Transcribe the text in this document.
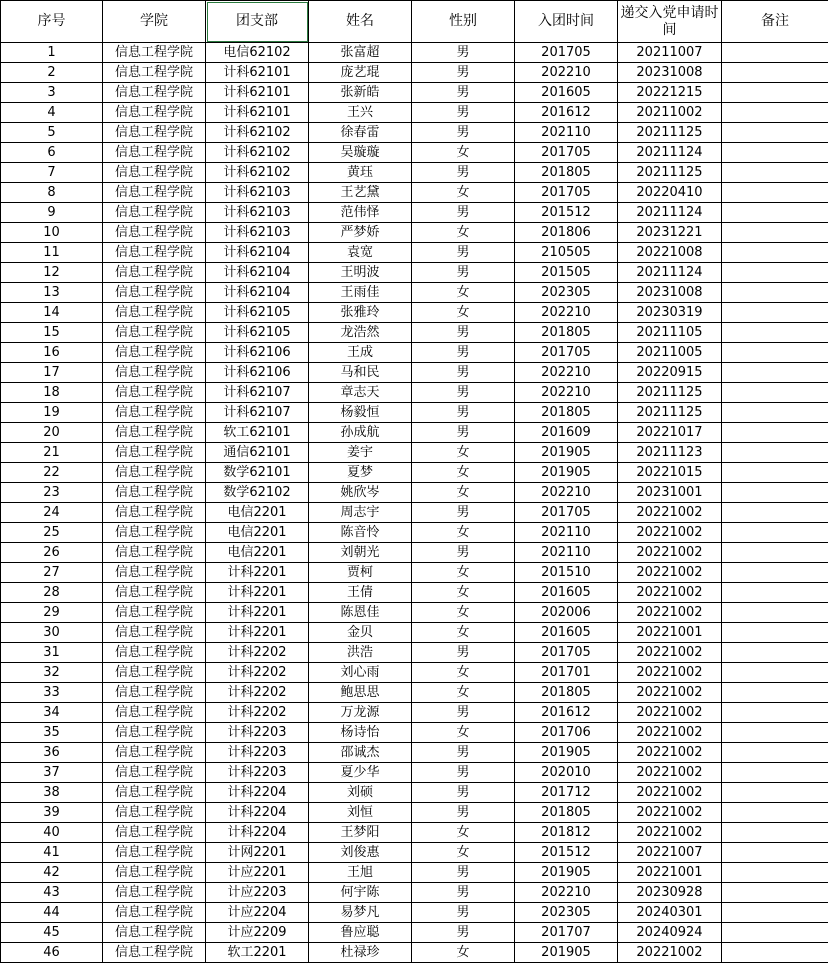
序号	学院	团支部	姓名	性别	入团时间	递交入党申请时间	备注
1	信息工程学院	电信62102	张富超	男	201705	20211007	
2	信息工程学院	计科62101	庞艺琨	男	202210	20231008	
3	信息工程学院	计科62101	张新皓	男	201605	20221215	
4	信息工程学院	计科62101	王兴	男	201612	20211002	
5	信息工程学院	计科62102	徐春雷	男	202110	20211125	
6	信息工程学院	计科62102	吴璇璇	女	201705	20211124	
7	信息工程学院	计科62102	黄珏	男	201805	20211125	
8	信息工程学院	计科62103	王艺黛	女	201705	20220410	
9	信息工程学院	计科62103	范伟怿	男	201512	20211124	
10	信息工程学院	计科62103	严梦娇	女	201806	20231221	
11	信息工程学院	计科62104	袁宽	男	210505	20221008	
12	信息工程学院	计科62104	王明波	男	201505	20211124	
13	信息工程学院	计科62104	王雨佳	女	202305	20231008	
14	信息工程学院	计科62105	张雅玲	女	202210	20230319	
15	信息工程学院	计科62105	龙浩然	男	201805	20211105	
16	信息工程学院	计科62106	王成	男	201705	20211005	
17	信息工程学院	计科62106	马和民	男	202210	20220915	
18	信息工程学院	计科62107	章志天	男	202210	20211125	
19	信息工程学院	计科62107	杨毅恒	男	201805	20211125	
20	信息工程学院	软工62101	孙成航	男	201609	20221017	
21	信息工程学院	通信62101	姜宇	女	201905	20211123	
22	信息工程学院	数学62101	夏梦	女	201905	20221015	
23	信息工程学院	数学62102	姚欣岑	女	202210	20231001	
24	信息工程学院	电信2201	周志宇	男	201705	20221002	
25	信息工程学院	电信2201	陈音怜	女	202110	20221002	
26	信息工程学院	电信2201	刘朝光	男	202110	20221002	
27	信息工程学院	计科2201	贾柯	女	201510	20221002	
28	信息工程学院	计科2201	王倩	女	201605	20221002	
29	信息工程学院	计科2201	陈恩佳	女	202006	20221002	
30	信息工程学院	计科2201	金贝	女	201605	20221001	
31	信息工程学院	计科2202	洪浩	男	201705	20221002	
32	信息工程学院	计科2202	刘心雨	女	201701	20221002	
33	信息工程学院	计科2202	鲍思思	女	201805	20221002	
34	信息工程学院	计科2202	万龙源	男	201612	20221002	
35	信息工程学院	计科2203	杨诗怡	女	201706	20221002	
36	信息工程学院	计科2203	邵诚杰	男	201905	20221002	
37	信息工程学院	计科2203	夏少华	男	202010	20221002	
38	信息工程学院	计科2204	刘硕	男	201712	20221002	
39	信息工程学院	计科2204	刘恒	男	201805	20221002	
40	信息工程学院	计科2204	王梦阳	女	201812	20221002	
41	信息工程学院	计网2201	刘俊惠	女	201512	20221007	
42	信息工程学院	计应2201	王旭	男	201905	20221001	
43	信息工程学院	计应2203	何宇陈	男	202210	20230928	
44	信息工程学院	计应2204	易梦凡	男	202305	20240301	
45	信息工程学院	计应2209	鲁应聪	男	201707	20240924	
46	信息工程学院	软工2201	杜禄珍	女	201905	20221002	
